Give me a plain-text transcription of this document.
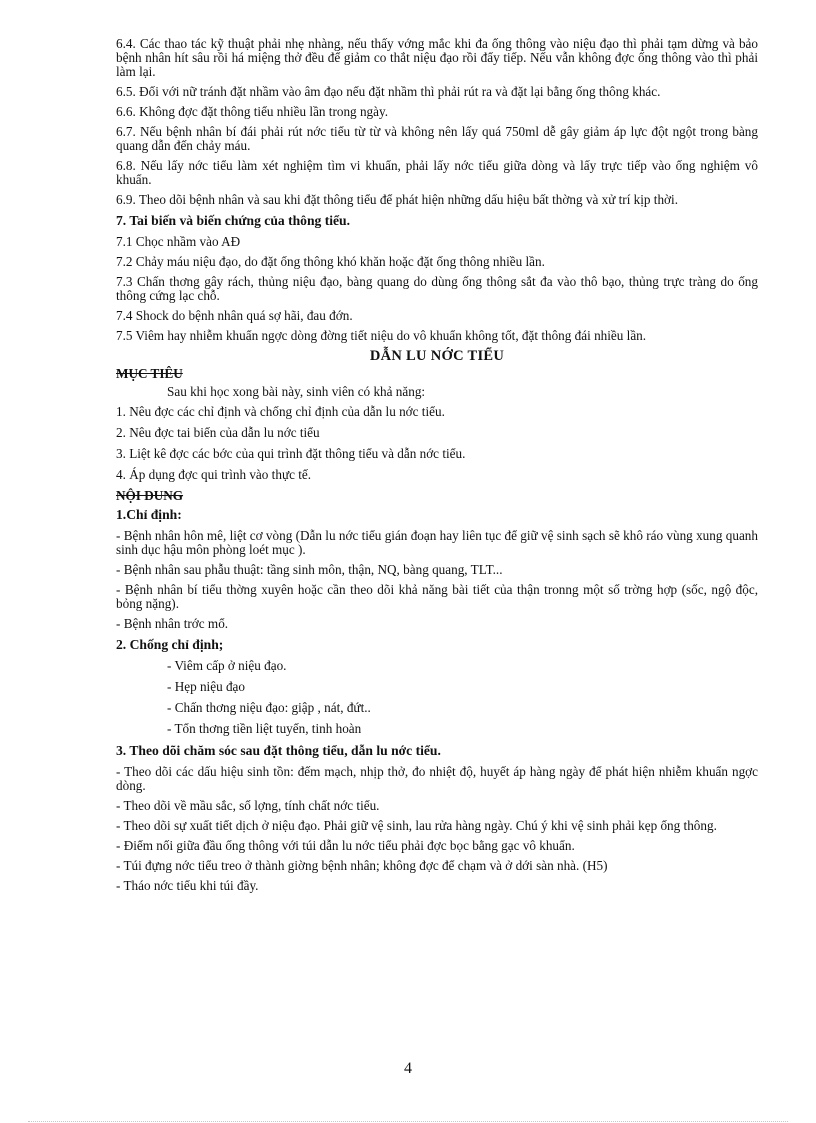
6.4. Các thao tác kỹ thuật phải nhẹ nhàng, nếu thấy vớng mắc khi đa ống thông vào niệu đạo thì phải tạm dừng và bảo bệnh nhân hít sâu rồi há miệng thở đều để giảm co thắt niệu đạo rồi đẩy tiếp. Nếu vẫn không đợc ống thông vào thì phải làm lại.

6.5. Đối với nữ tránh đặt nhầm vào âm đạo nếu đặt nhầm thì phải rút ra và đặt lại bằng ống thông khác.

6.6. Không đợc đặt thông tiểu nhiều lần trong ngày.

6.7. Nếu bệnh nhân bí đái phải rút nớc tiểu từ từ và không nên lấy quá 750ml dễ gây giảm áp lực đột ngột trong bàng quang dẫn đến chảy máu.

6.8. Nếu lấy nớc tiểu làm xét nghiệm tìm vi khuẩn, phải lấy nớc tiểu giữa dòng và lấy trực tiếp vào ống nghiệm vô khuẩn.

6.9. Theo dõi bệnh nhân và sau khi đặt thông tiểu để phát hiện những dấu hiệu bất thờng và xử trí kịp thời.

7. Tai biến và biến chứng của thông tiểu.

7.1 Chọc nhầm vào AĐ

7.2 Chảy máu niệu đạo, do đặt ống thông khó khăn hoặc đặt ống thông nhiều lần.

7.3 Chấn thơng gây rách, thủng niệu đạo, bàng quang do dùng ống thông sắt đa vào thô bạo, thủng trực tràng do ống thông cứng lạc chỗ.

7.4 Shock do bệnh nhân quá sợ hãi, đau đớn.

7.5 Viêm hay nhiễm khuẩn ngợc dòng đờng tiết niệu do vô khuẩn không tốt, đặt thông đái nhiều lần.

DẪN LU NỚC TIỂU

MỤC TIÊU

Sau khi học xong bài này, sinh viên có khả năng:

1. Nêu đợc các chỉ định và chống chỉ định của dẫn lu nớc tiểu.

2. Nêu đợc tai biến của dẫn lu nớc tiểu

3. Liệt kê đợc các bớc của qui trình đặt thông tiểu và dẫn nớc tiểu.

4. Áp dụng đợc qui trình vào thực tế.

NỘI DUNG

1.Chỉ định:

- Bệnh nhân hôn mê, liệt cơ vòng (Dẫn lu nớc tiểu gián đoạn hay liên tục để giữ vệ sinh sạch sẽ khô ráo vùng xung quanh sinh dục hậu môn phòng loét mục ).

- Bệnh nhân sau phẫu thuật: tầng sinh môn, thận, NQ, bàng quang, TLT...

- Bệnh nhân bí tiểu thờng xuyên hoặc cần theo dõi khả năng bài tiết của thận tronng một số trờng hợp (sốc, ngộ độc, bỏng nặng).

- Bệnh nhân trớc mổ.

2. Chống chỉ định;

- Viêm cấp ở niệu đạo.

- Hẹp niệu đạo

- Chấn thơng niệu đạo: giập , nát, đứt..

- Tổn thơng tiền liệt tuyến, tinh hoàn

3. Theo dõi chăm sóc sau đặt thông tiểu, dẫn lu nớc tiểu.

- Theo dõi các dấu hiệu sinh tồn: đếm mạch, nhịp thở, đo nhiệt độ, huyết áp hàng ngày để phát hiện nhiễm khuẩn ngợc dòng.

- Theo dõi về mầu sắc, số lợng, tính chất nớc tiểu.

- Theo dõi sự xuất tiết dịch ở niệu đạo. Phải giữ vệ sinh, lau rửa hàng ngày. Chú ý khi vệ sinh phải kẹp ống thông.

- Điểm nối giữa đầu ống thông với túi dẫn lu nớc tiểu phải đợc bọc bằng gạc vô khuẩn.

- Túi đựng nớc tiểu treo ở thành giờng bệnh nhân; không đợc để chạm và ở dới sàn nhà. (H5)

- Tháo nớc tiểu khi túi đầy.

4
